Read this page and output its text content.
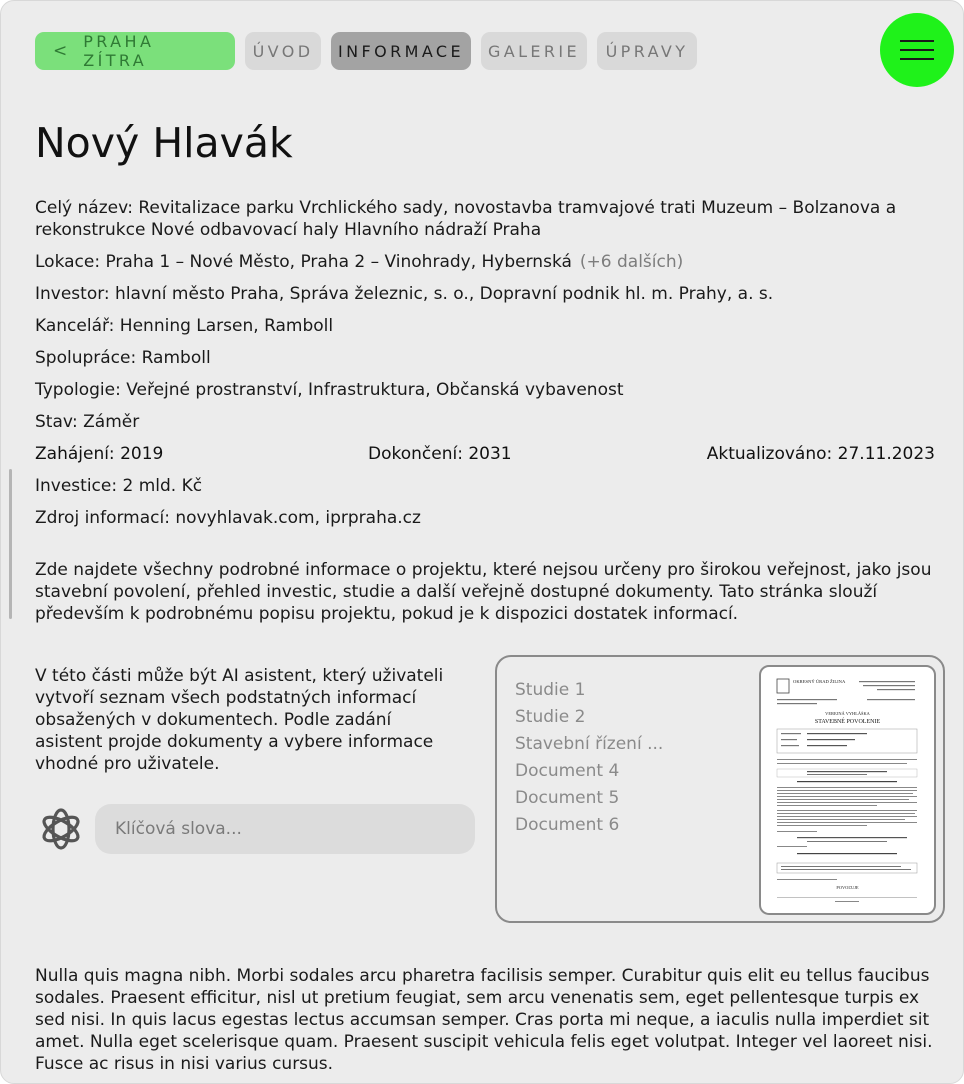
< PRAHA ZÍTRA	ÚVOD	INFORMACE	GALERIE	ÚPRAVY
Nový Hlavák
Celý název: Revitalizace parku Vrchlického sady, novostavba tramvajové trati Muzeum – Bolzanova a rekonstrukce Nové odbavovací haly Hlavního nádraží Praha
Lokace: Praha 1 – Nové Město, Praha 2 – Vinohrady, Hybernská (+6 dalších)
Investor: hlavní město Praha, Správa železnic, s. o., Dopravní podnik hl. m. Prahy, a. s.
Kancelář: Henning Larsen, Ramboll
Spolupráce: Ramboll
Typologie: Veřejné prostranství, Infrastruktura, Občanská vybavenost
Stav: Záměr
Zahájení: 2019	Dokončení: 2031	Aktualizováno: 27.11.2023
Investice: 2 mld. Kč
Zdroj informací: novyhlavak.com, iprpraha.cz
Zde najdete všechny podrobné informace o projektu, které nejsou určeny pro širokou veřejnost, jako jsou stavební povolení, přehled investic, studie a další veřejně dostupné dokumenty. Tato stránka slouží především k podrobnému popisu projektu, pokud je k dispozici dostatek informací.
V této části může být AI asistent, který uživateli vytvoří seznam všech podstatných informací obsažených v dokumentech. Podle zadání asistent projde dokumenty a vybere informace vhodné pro uživatele.
Klíčová slova...
Studie 1
Studie 2
Stavební řízení ...
Document 4
Document 5
Document 6
OKRESNÝ ÚRAD ŽILINA
VEREJNÁ VYHLÁŠKA
STAVEBNÉ POVOLENIE
POVOĽUJE
Nulla quis magna nibh. Morbi sodales arcu pharetra facilisis semper. Curabitur quis elit eu tellus faucibus sodales. Praesent efficitur, nisl ut pretium feugiat, sem arcu venenatis sem, eget pellentesque turpis ex sed nisi. In quis lacus egestas lectus accumsan semper. Cras porta mi neque, a iaculis nulla imperdiet sit amet. Nulla eget scelerisque quam. Praesent suscipit vehicula felis eget volutpat. Integer vel laoreet nisi. Fusce ac risus in nisi varius cursus.
